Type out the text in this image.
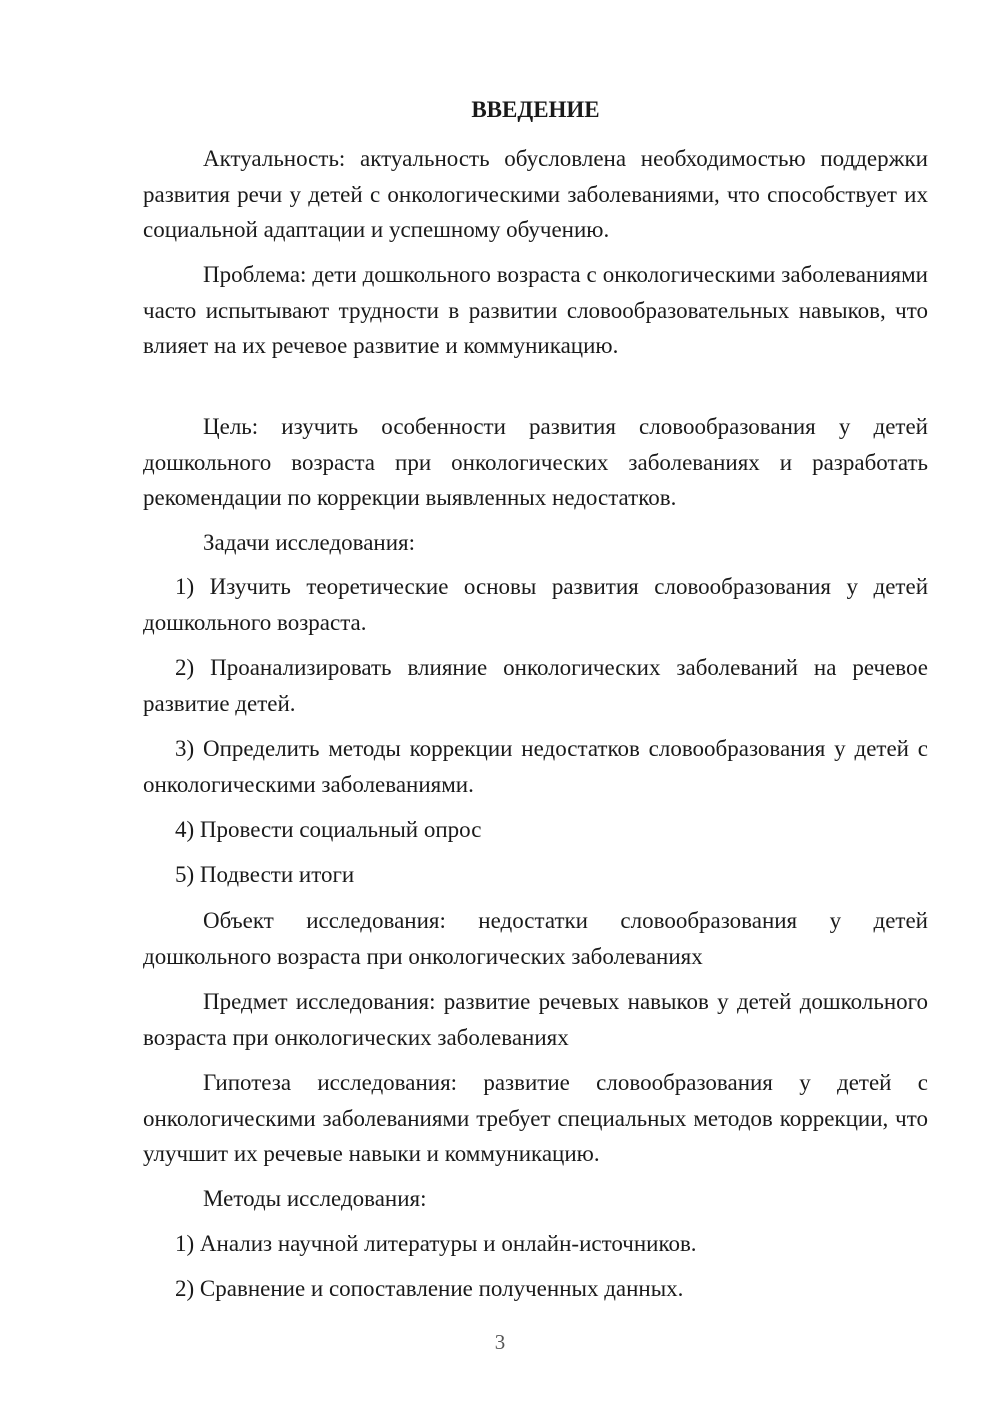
ВВЕДЕНИЕ

Актуальность: актуальность обусловлена необходимостью поддержки развития речи у детей с онкологическими заболеваниями, что способствует их социальной адаптации и успешному обучению.

Проблема: дети дошкольного возраста с онкологическими заболеваниями часто испытывают трудности в развитии словообразовательных навыков, что влияет на их речевое развитие и коммуникацию.

Цель: изучить особенности развития словообразования у детей дошкольного возраста при онкологических заболеваниях и разработать рекомендации по коррекции выявленных недостатков.

Задачи исследования:

1) Изучить теоретические основы развития словообразования у детей дошкольного возраста.

2) Проанализировать влияние онкологических заболеваний на речевое развитие детей.

3) Определить методы коррекции недостатков словообразования у детей с онкологическими заболеваниями.

4) Провести социальный опрос

5) Подвести итоги

Объект исследования: недостатки словообразования у детей дошкольного возраста при онкологических заболеваниях

Предмет исследования: развитие речевых навыков у детей дошкольного возраста при онкологических заболеваниях

Гипотеза исследования: развитие словообразования у детей с онкологическими заболеваниями требует специальных методов коррекции, что улучшит их речевые навыки и коммуникацию.

Методы исследования:

1) Анализ научной литературы и онлайн-источников.

2) Сравнение и сопоставление полученных данных.

3
